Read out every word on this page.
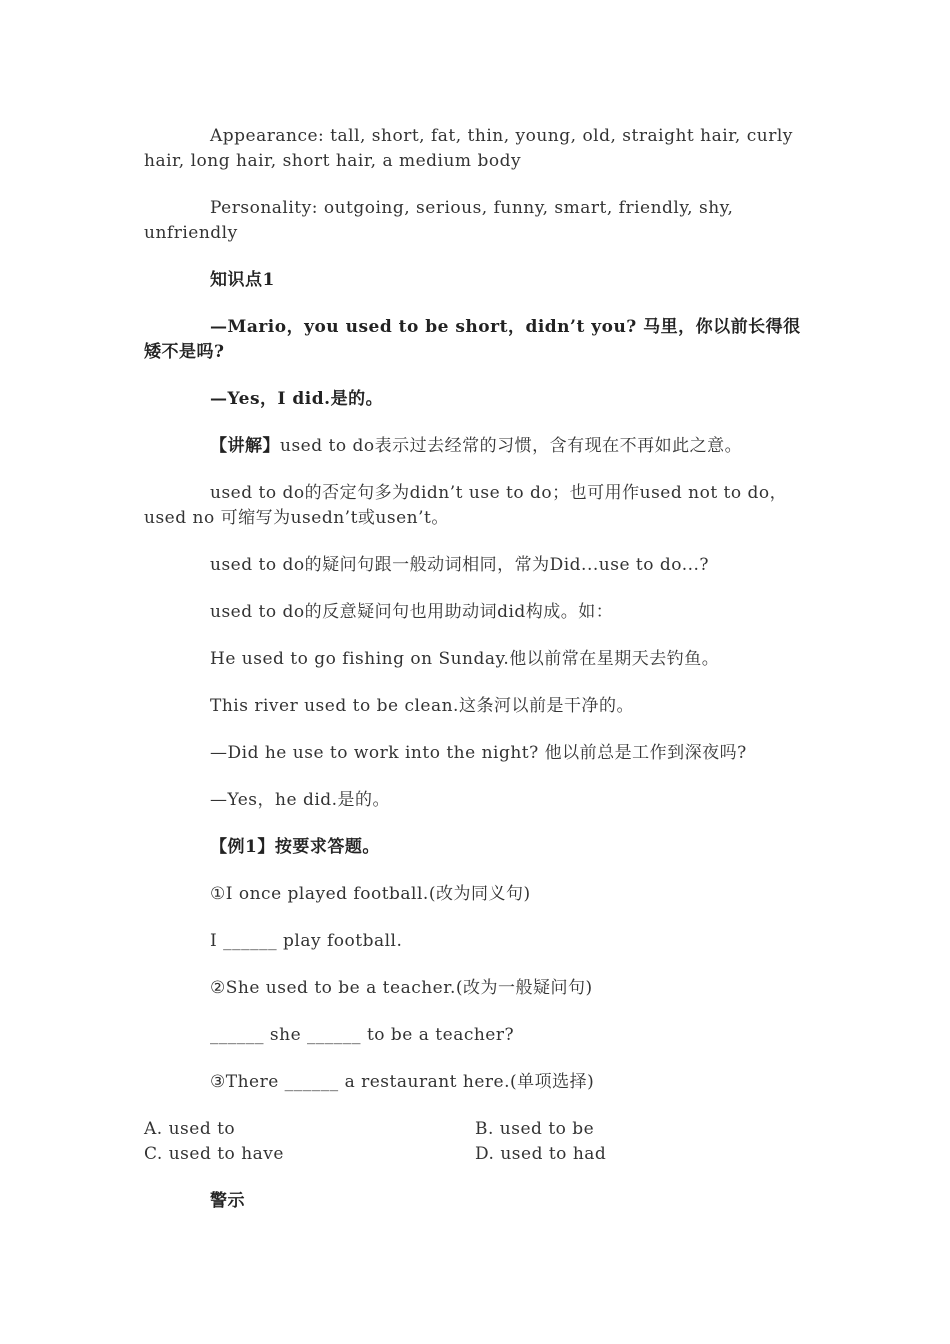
Appearance: tall, short, fat, thin, young, old, straight hair, curly hair, long hair, short hair, a medium body

Personality: outgoing, serious, funny, smart, friendly, shy, unfriendly

知识点1

—Mario，you used to be short，didn’t you? 马里，你以前长得很矮不是吗?

—Yes，I did.是的。

【讲解】used to do表示过去经常的习惯，含有现在不再如此之意。

used to do的否定句多为didn’t use to do；也可用作used not to do，used no 可缩写为usedn’t或usen’t。

used to do的疑问句跟一般动词相同，常为Did...use to do...?

used to do的反意疑问句也用助动词did构成。如：

He used to go fishing on Sunday.他以前常在星期天去钓鱼。

This river used to be clean.这条河以前是干净的。

—Did he use to work into the night? 他以前总是工作到深夜吗?

—Yes，he did.是的。

【例1】按要求答题。

①I once played football.(改为同义句)

I ______ play football.

②She used to be a teacher.(改为一般疑问句)

______ she ______ to be a teacher?

③There ______ a restaurant here.(单项选择)

A. used to	B. used to be
C. used to have	D. used to had

警示
